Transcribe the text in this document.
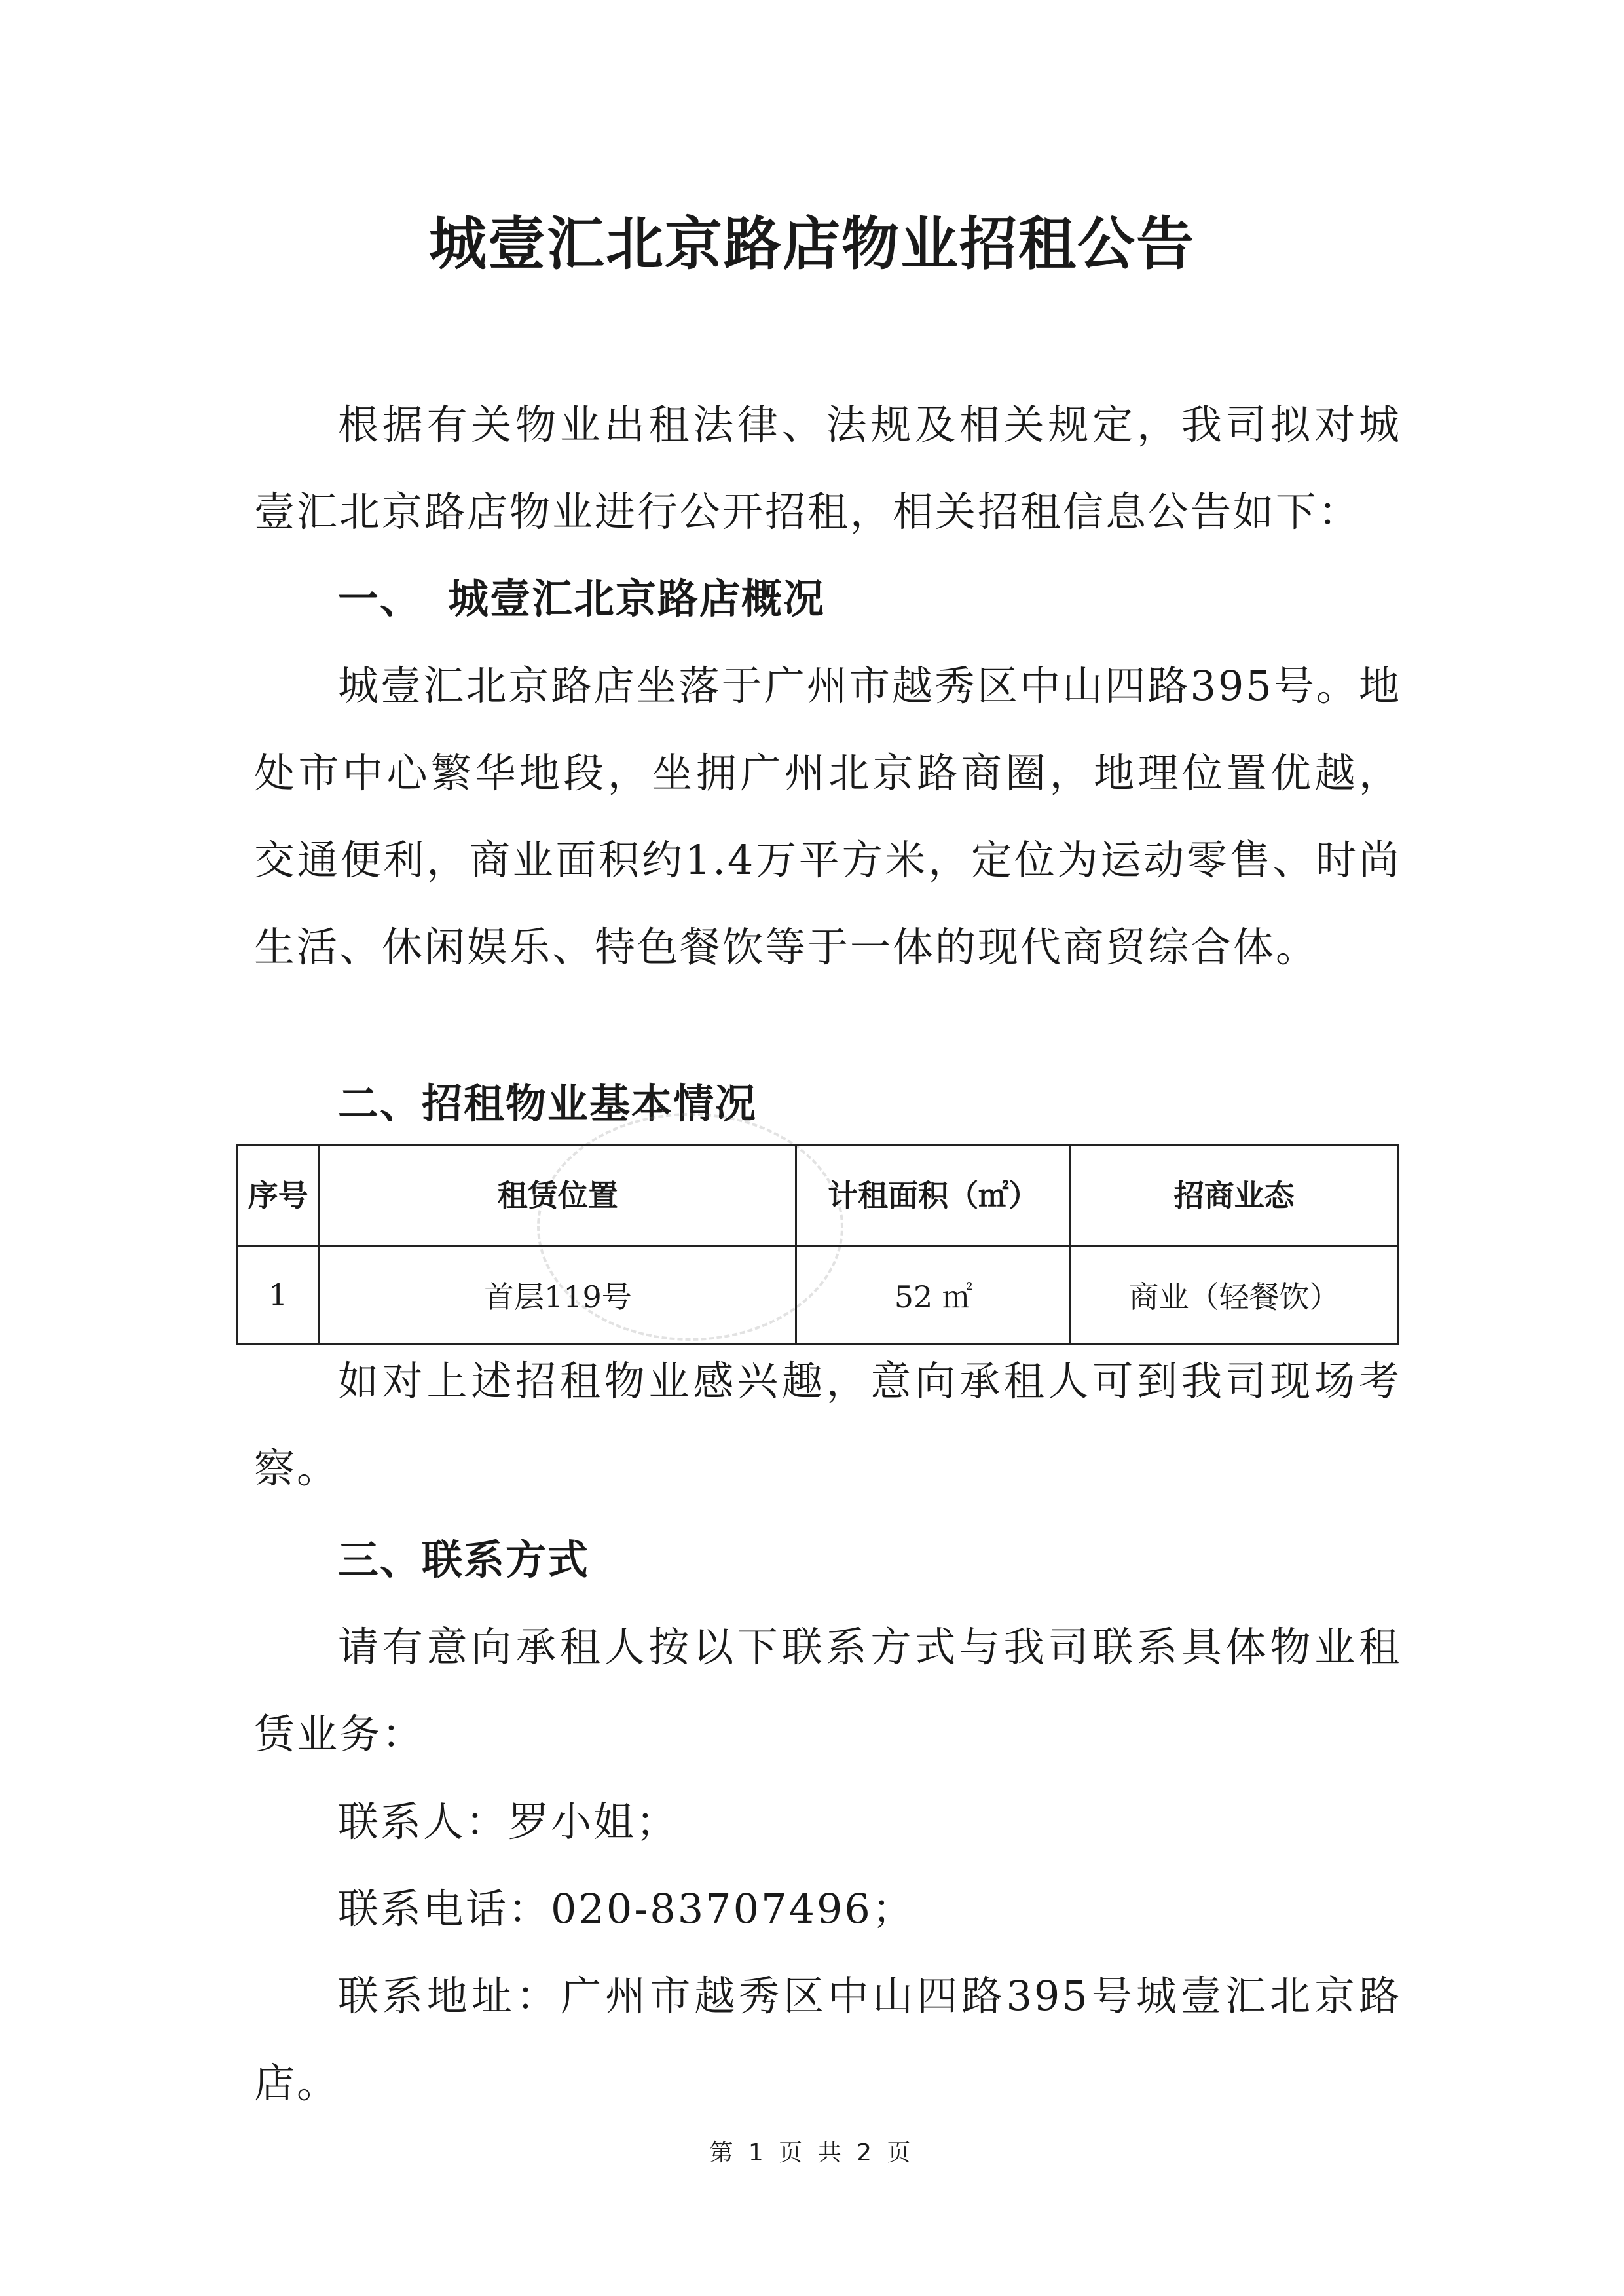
城壹汇北京路店物业招租公告

根据有关物业出租法律、法规及相关规定，我司拟对城壹汇北京路店物业进行公开招租，相关招租信息公告如下：

一、 城壹汇北京路店概况

城壹汇北京路店坐落于广州市越秀区中山四路395号。地处市中心繁华地段，坐拥广州北京路商圈，地理位置优越，交通便利，商业面积约1.4万平方米，定位为运动零售、时尚生活、休闲娱乐、特色餐饮等于一体的现代商贸综合体。

二、招租物业基本情况

序号	租赁位置	计租面积（㎡）	招商业态
1	首层119号	52 ㎡	商业（轻餐饮）

如对上述招租物业感兴趣，意向承租人可到我司现场考察。

三、联系方式

请有意向承租人按以下联系方式与我司联系具体物业租赁业务：

联系人：罗小姐；

联系电话：020-83707496；

联系地址：广州市越秀区中山四路395号城壹汇北京路店。

第 1 页 共 2 页
